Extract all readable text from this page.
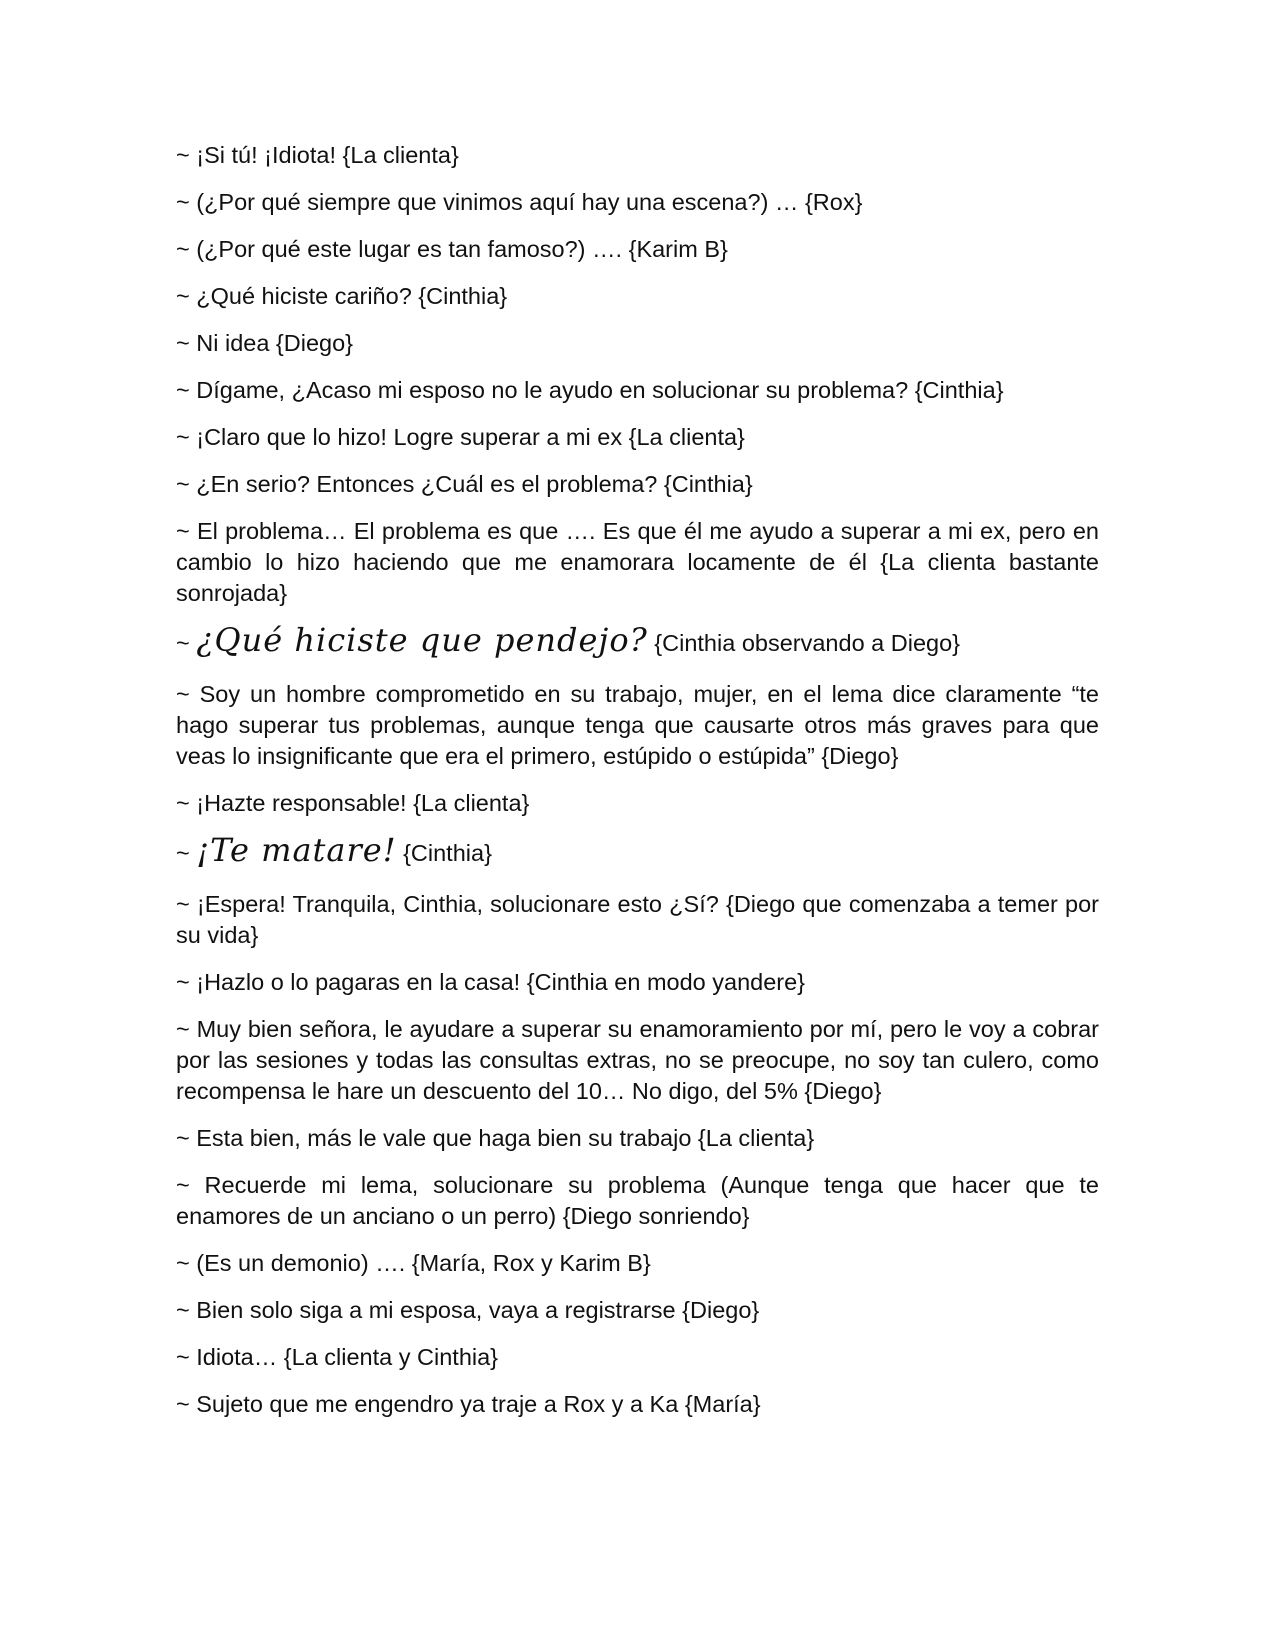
~ ¡Si tú! ¡Idiota! {La clienta}

~ (¿Por qué siempre que vinimos aquí hay una escena?) … {Rox}

~ (¿Por qué este lugar es tan famoso?) …. {Karim B}

~ ¿Qué hiciste cariño? {Cinthia}

~ Ni idea {Diego}

~ Dígame, ¿Acaso mi esposo no le ayudo en solucionar su problema? {Cinthia}

~ ¡Claro que lo hizo! Logre superar a mi ex {La clienta}

~ ¿En serio? Entonces ¿Cuál es el problema? {Cinthia}

~ El problema… El problema es que …. Es que él me ayudo a superar a mi ex, pero en cambio lo hizo haciendo que me enamorara locamente de él {La clienta bastante sonrojada}

~ ¿Qué hiciste que pendejo? {Cinthia observando a Diego}

~ Soy un hombre comprometido en su trabajo, mujer, en el lema dice claramente “te hago superar tus problemas, aunque tenga que causarte otros más graves para que veas lo insignificante que era el primero, estúpido o estúpida” {Diego}

~ ¡Hazte responsable! {La clienta}

~ ¡Te matare! {Cinthia}

~ ¡Espera! Tranquila, Cinthia, solucionare esto ¿Sí? {Diego que comenzaba a temer por su vida}

~ ¡Hazlo o lo pagaras en la casa! {Cinthia en modo yandere}

~ Muy bien señora, le ayudare a superar su enamoramiento por mí, pero le voy a cobrar por las sesiones y todas las consultas extras, no se preocupe, no soy tan culero, como recompensa le hare un descuento del 10… No digo, del 5% {Diego}

~ Esta bien, más le vale que haga bien su trabajo {La clienta}

~ Recuerde mi lema, solucionare su problema (Aunque tenga que hacer que te enamores de un anciano o un perro) {Diego sonriendo}

~ (Es un demonio) …. {María, Rox y Karim B}

~ Bien solo siga a mi esposa, vaya a registrarse {Diego}

~ Idiota… {La clienta y Cinthia}

~ Sujeto que me engendro ya traje a Rox y a Ka {María}
